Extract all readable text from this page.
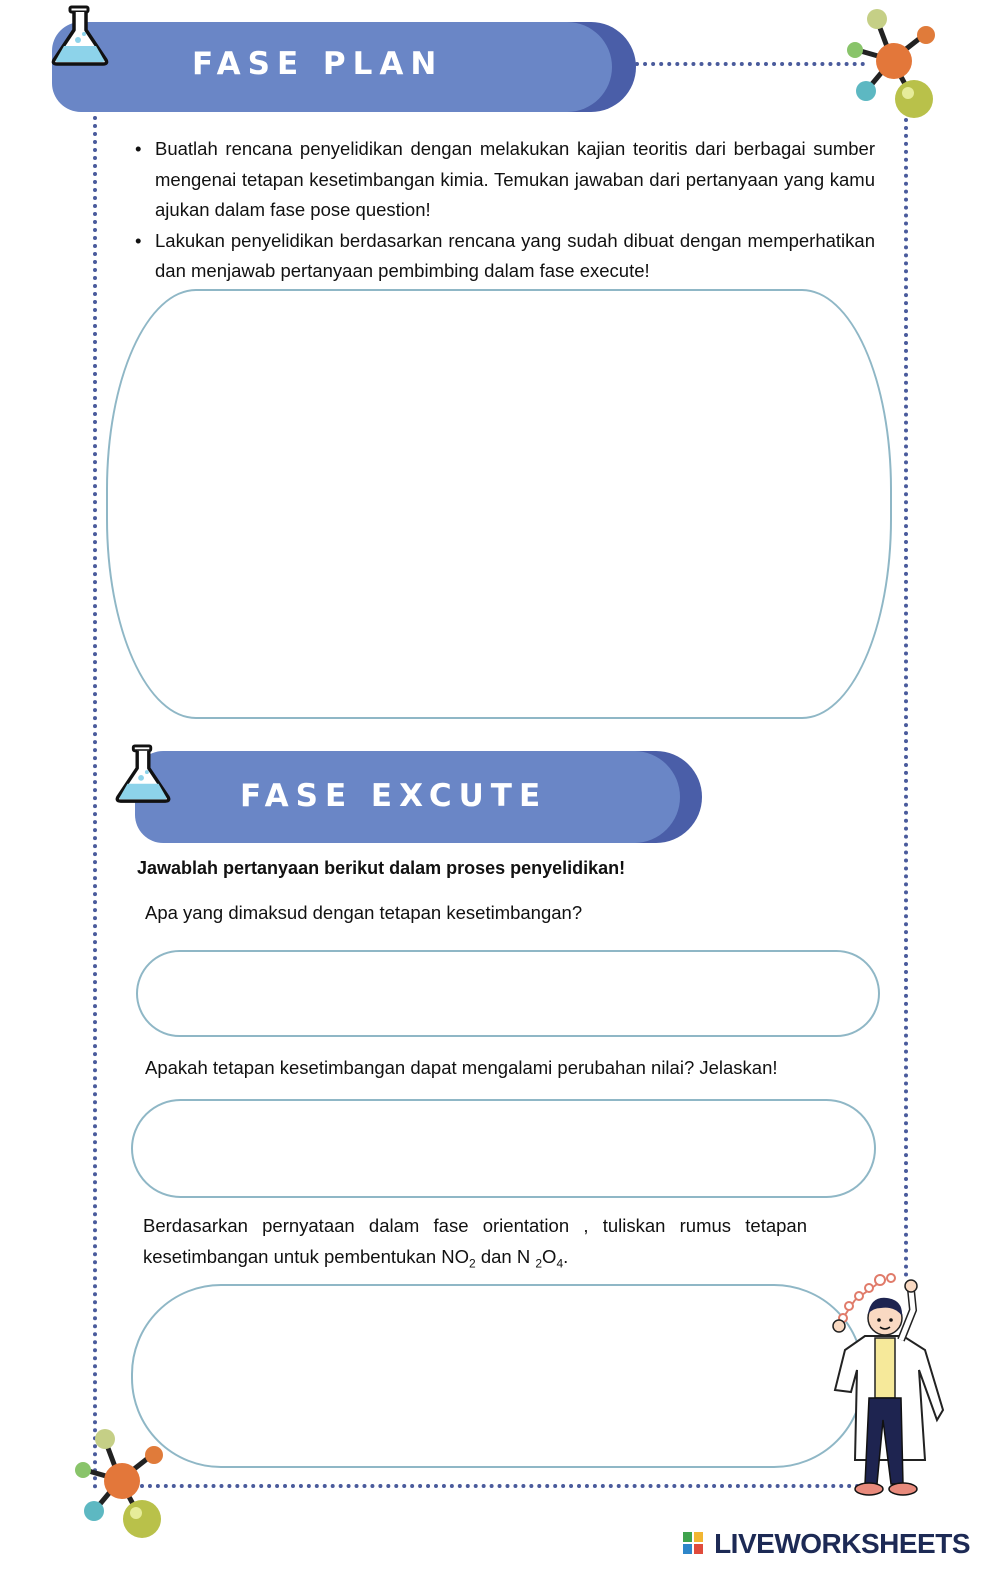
FASE PLAN
• Buatlah rencana penyelidikan dengan melakukan kajian teoritis dari berbagai sumber mengenai tetapan kesetimbangan kimia. Temukan jawaban dari pertanyaan yang kamu ajukan dalam fase pose question!
• Lakukan penyelidikan berdasarkan rencana yang sudah dibuat dengan memperhatikan dan menjawab pertanyaan pembimbing dalam fase execute!
FASE EXCUTE
Jawablah pertanyaan berikut dalam proses penyelidikan!
Apa yang dimaksud dengan tetapan kesetimbangan?
Apakah tetapan kesetimbangan dapat mengalami perubahan nilai? Jelaskan!
Berdasarkan pernyataan dalam fase orientation , tuliskan rumus tetapan kesetimbangan untuk pembentukan $NO_2$ dan N $_2O_4$.
LIVEWORKSHEETS
